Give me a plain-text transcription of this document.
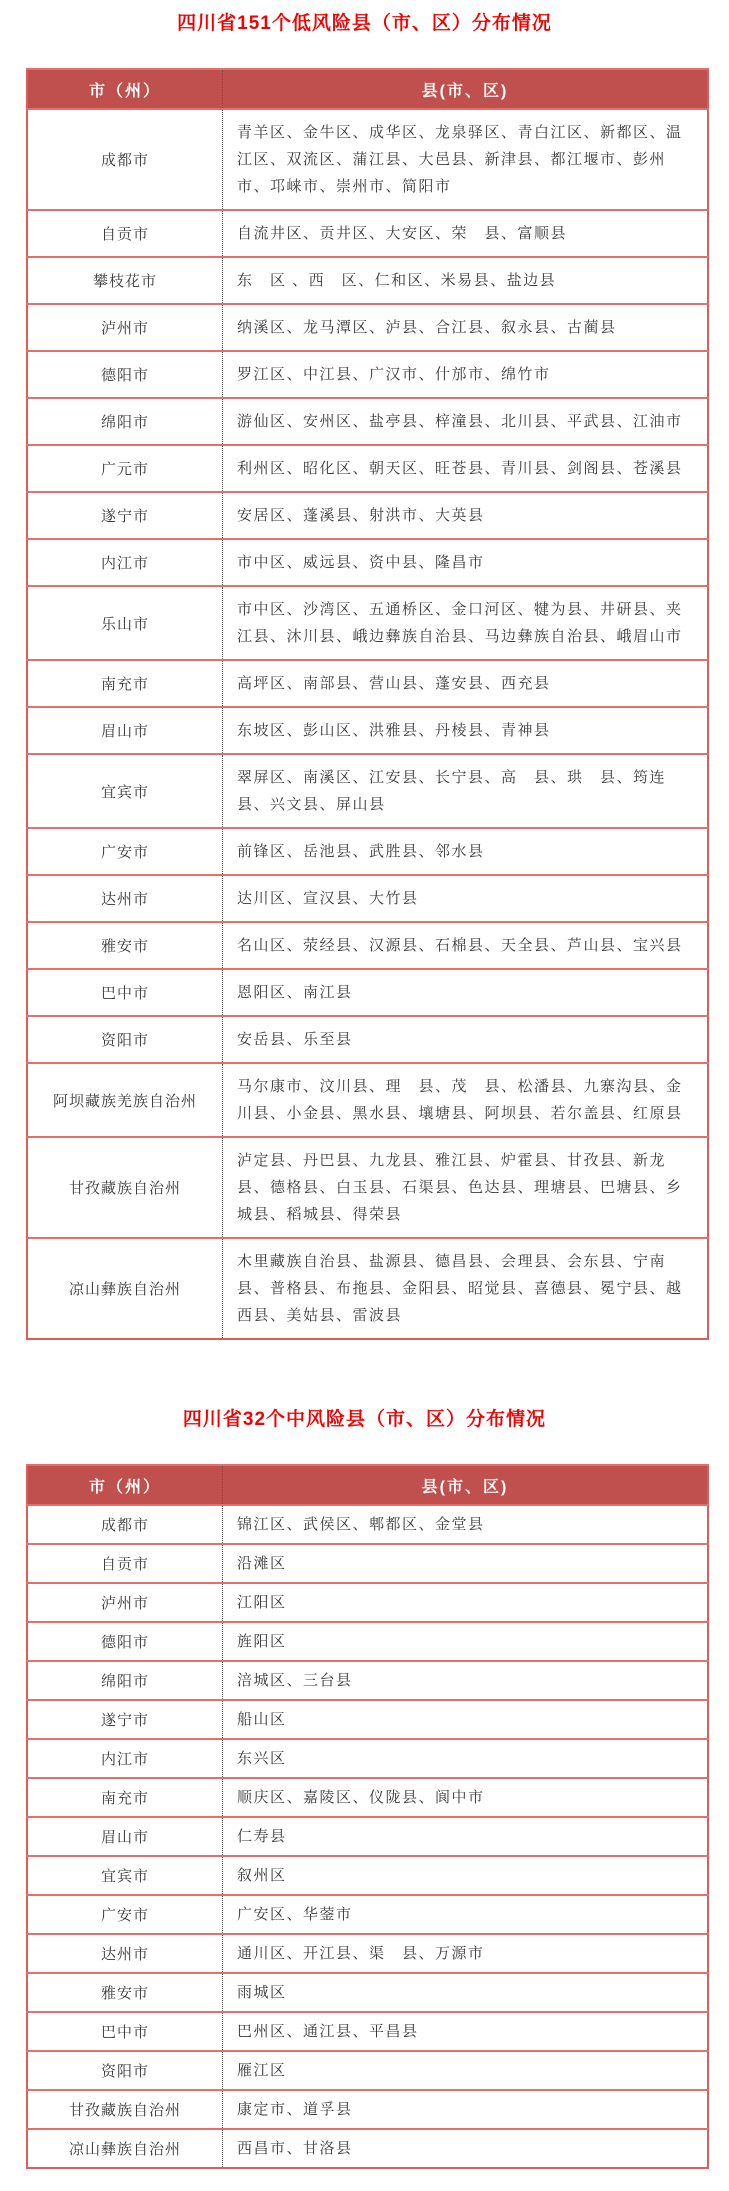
四川省151个低风险县（市、区）分布情况
市（州）	县(市、区)
成都市	青羊区、金牛区、成华区、龙泉驿区、青白江区、新都区、温江区、双流区、蒲江县、大邑县、新津县、都江堰市、彭州市、邛崃市、崇州市、简阳市
自贡市	自流井区、贡井区、大安区、荣　县、富顺县
攀枝花市	东　区 、西　区、仁和区、米易县、盐边县
泸州市	纳溪区、龙马潭区、泸县、合江县、叙永县、古蔺县
德阳市	罗江区、中江县、广汉市、什邡市、绵竹市
绵阳市	游仙区、安州区、盐亭县、梓潼县、北川县、平武县、江油市
广元市	利州区、昭化区、朝天区、旺苍县、青川县、剑阁县、苍溪县
遂宁市	安居区、蓬溪县、射洪市、大英县
内江市	市中区、威远县、资中县、隆昌市
乐山市	市中区、沙湾区、五通桥区、金口河区、犍为县、井研县、夹江县、沐川县、峨边彝族自治县、马边彝族自治县、峨眉山市
南充市	高坪区、南部县、营山县、蓬安县、西充县
眉山市	东坡区、彭山区、洪雅县、丹棱县、青神县
宜宾市	翠屏区、南溪区、江安县、长宁县、高　县、珙　县、筠连县、兴文县、屏山县
广安市	前锋区、岳池县、武胜县、邻水县
达州市	达川区、宣汉县、大竹县
雅安市	名山区、荥经县、汉源县、石棉县、天全县、芦山县、宝兴县
巴中市	恩阳区、南江县
资阳市	安岳县、乐至县
阿坝藏族羌族自治州	马尔康市、汶川县、理　县、茂　县、松潘县、九寨沟县、金川县、小金县、黑水县、壤塘县、阿坝县、若尔盖县、红原县
甘孜藏族自治州	泸定县、丹巴县、九龙县、雅江县、炉霍县、甘孜县、新龙县、德格县、白玉县、石渠县、色达县、理塘县、巴塘县、乡城县、稻城县、得荣县
凉山彝族自治州	木里藏族自治县、盐源县、德昌县、会理县、会东县、宁南县、普格县、布拖县、金阳县、昭觉县、喜德县、冕宁县、越西县、美姑县、雷波县
四川省32个中风险县（市、区）分布情况
市（州）	县(市、区)
成都市	锦江区、武侯区、郫都区、金堂县
自贡市	沿滩区
泸州市	江阳区
德阳市	旌阳区
绵阳市	涪城区、三台县
遂宁市	船山区
内江市	东兴区
南充市	顺庆区、嘉陵区、仪陇县、阆中市
眉山市	仁寿县
宜宾市	叙州区
广安市	广安区、华蓥市
达州市	通川区、开江县、渠　县、万源市
雅安市	雨城区
巴中市	巴州区、通江县、平昌县
资阳市	雁江区
甘孜藏族自治州	康定市、道孚县
凉山彝族自治州	西昌市、甘洛县
